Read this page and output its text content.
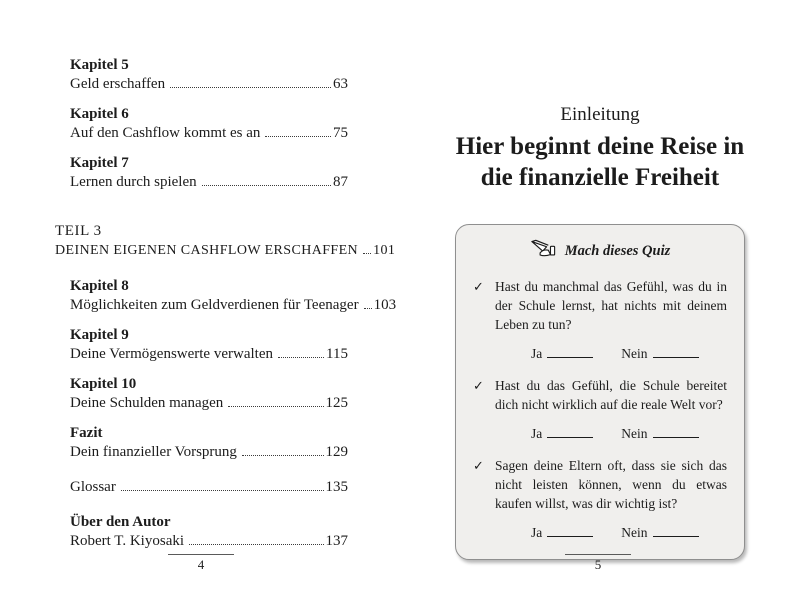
Kapitel 5
Geld erschaffen	63
Kapitel 6
Auf den Cashflow kommt es an	75
Kapitel 7
Lernen durch spielen	87
TEIL 3
DEINEN EIGENEN CASHFLOW ERSCHAFFEN 101
Kapitel 8
Möglichkeiten zum Geldverdienen für Teenager 103
Kapitel 9
Deine Vermögenswerte verwalten	115
Kapitel 10
Deine Schulden managen	125
Fazit
Dein finanzieller Vorsprung	129
Glossar	135
Über den Autor
Robert T. Kiyosaki	137
Einleitung
Hier beginnt deine Reise in
die finanzielle Freiheit
Mach dieses Quiz
✓ Hast du manchmal das Gefühl, was du in der Schule lernst, hat nichts mit deinem Leben zu tun?
Ja	Nein
✓ Hast du das Gefühl, die Schule bereitet dich nicht wirklich auf die reale Welt vor?
Ja	Nein
✓ Sagen deine Eltern oft, dass sie sich das nicht leisten können, wenn du etwas kaufen willst, was dir wichtig ist?
Ja	Nein
4	5
